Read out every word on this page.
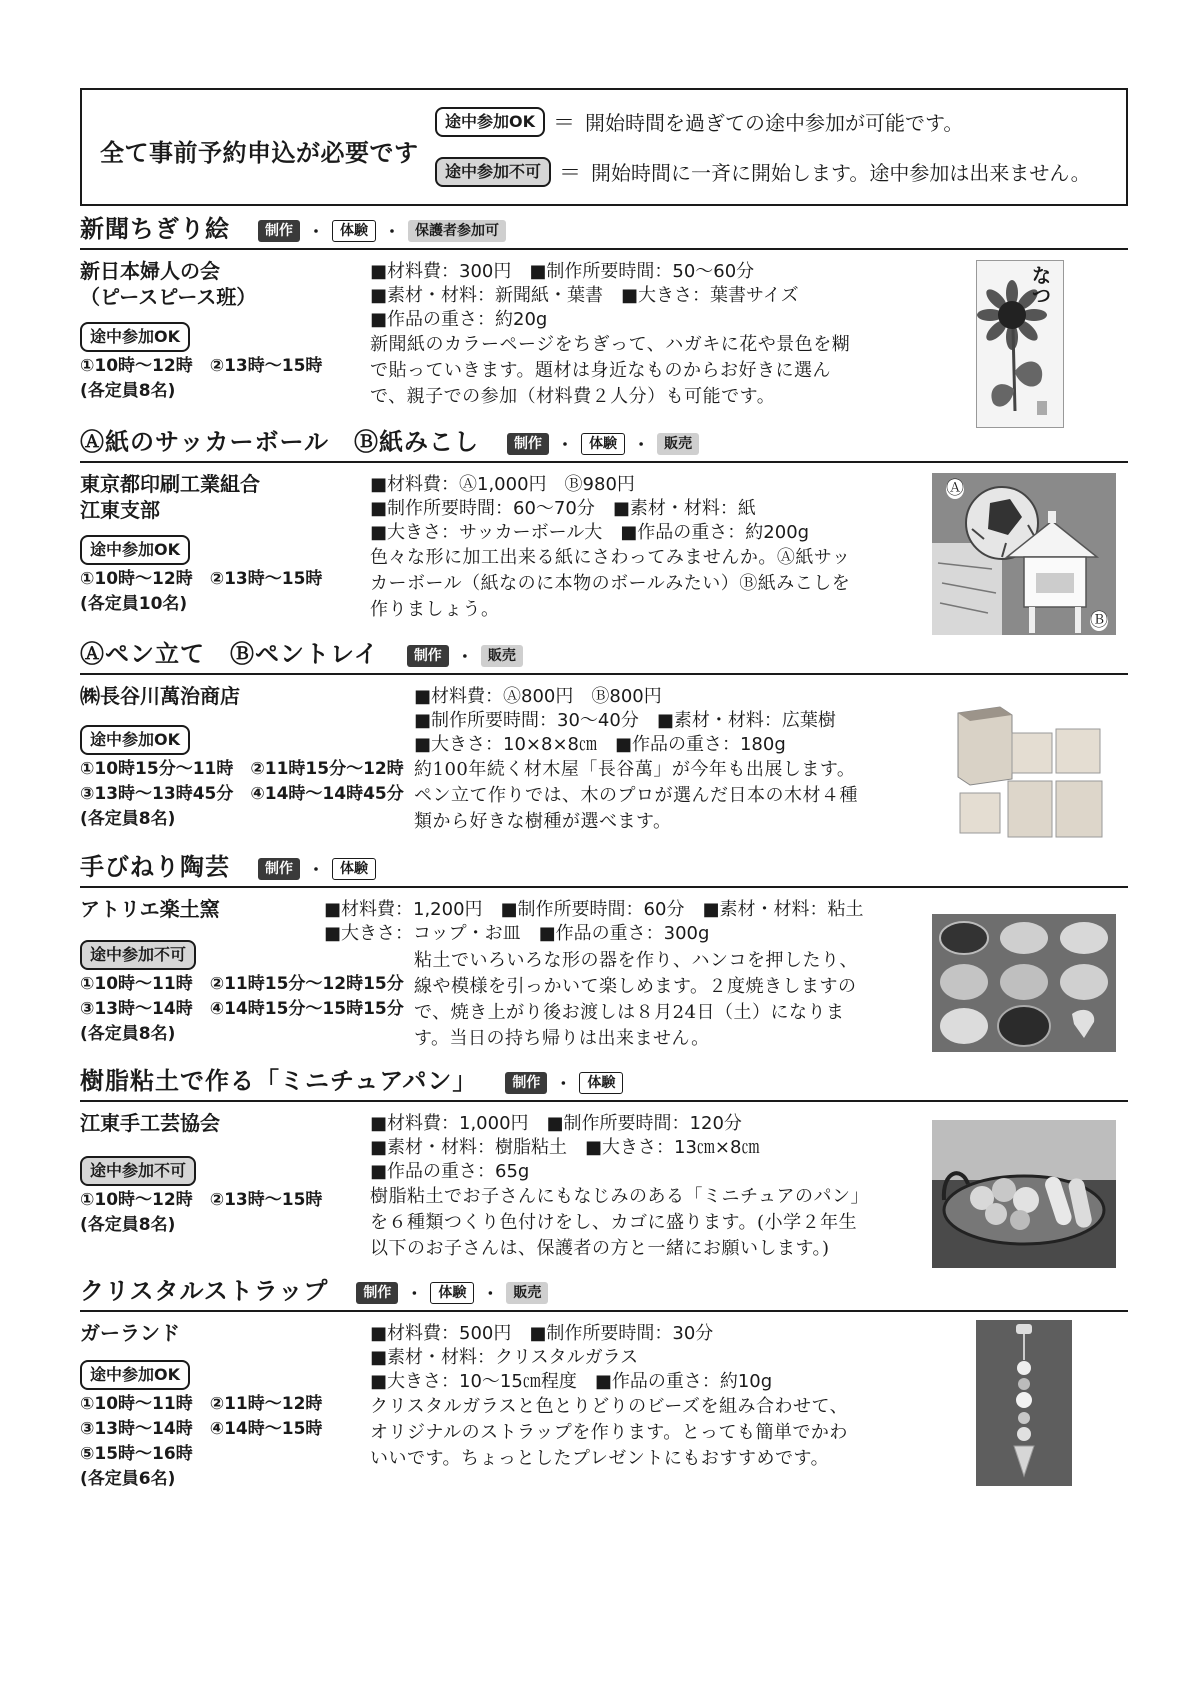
全て事前予約申込が必要です
途中参加OK ＝ 開始時間を過ぎての途中参加が可能です。
途中参加不可 ＝ 開始時間に一斉に開始します。途中参加は出来ません。
新聞ちぎり絵	制作 ・	体験	・	保護者参加可
新日本婦人の会
（ピースピース班）
途中参加OK
①10時～12時　②13時～15時
(各定員8名)
■材料費：300円　■制作所要時間：50～60分
■素材・材料：新聞紙・葉書　■大きさ：葉書サイズ
■作品の重さ：約20g
新聞紙のカラーページをちぎって、ハガキに花や景色を糊で貼っていきます。題材は身近なものからお好きに選んで、親子での参加（材料費２人分）も可能です。
なつ
Ⓐ紙のサッカーボール　Ⓑ紙みこし	制作 ・	体験	・	販売
東京都印刷工業組合
江東支部
途中参加OK
①10時～12時　②13時～15時
(各定員10名)
■材料費：Ⓐ1,000円　Ⓑ980円
■制作所要時間：60～70分　■素材・材料：紙
■大きさ：サッカーボール大　■作品の重さ：約200g
色々な形に加工出来る紙にさわってみませんか。Ⓐ紙サッカーボール（紙なのに本物のボールみたい）Ⓑ紙みこしを作りましょう。
Ⓐ
Ⓑ
Ⓐペン立て　Ⓑペントレイ	制作 ・	販売
㈱長谷川萬治商店
途中参加OK
①10時15分～11時　②11時15分～12時
③13時～13時45分　④14時～14時45分
(各定員8名)
■材料費：Ⓐ800円　Ⓑ800円
■制作所要時間：30～40分　■素材・材料：広葉樹
■大きさ：10×8×8㎝　■作品の重さ：180g
約100年続く材木屋「長谷萬」が今年も出展します。ペン立て作りでは、木のプロが選んだ日本の木材４種類から好きな樹種が選べます。
手びねり陶芸	制作 ・	体験
アトリエ楽土窯
途中参加不可
①10時～11時　②11時15分～12時15分
③13時～14時　④14時15分～15時15分
(各定員8名)
■材料費：1,200円　■制作所要時間：60分　■素材・材料：粘土
■大きさ：コップ・お皿　■作品の重さ：300g
粘土でいろいろな形の器を作り、ハンコを押したり、線や模様を引っかいて楽しめます。２度焼きしますので、焼き上がり後お渡しは８月24日（土）になります。当日の持ち帰りは出来ません。
樹脂粘土で作る「ミニチュアパン」	制作 ・	体験
江東手工芸協会
途中参加不可
①10時～12時　②13時～15時
(各定員8名)
■材料費：1,000円　■制作所要時間：120分
■素材・材料：樹脂粘土　■大きさ：13㎝×8㎝
■作品の重さ：65g
樹脂粘土でお子さんにもなじみのある「ミニチュアのパン」を６種類つくり色付けをし、カゴに盛ります。(小学２年生以下のお子さんは、保護者の方と一緒にお願いします。)
クリスタルストラップ	制作 ・	体験	・	販売
ガーランド
途中参加OK
①10時～11時　②11時～12時
③13時～14時　④14時～15時
⑤15時～16時
(各定員6名)
■材料費：500円　■制作所要時間：30分
■素材・材料：クリスタルガラス
■大きさ：10～15㎝程度　■作品の重さ：約10g
クリスタルガラスと色とりどりのビーズを組み合わせて、オリジナルのストラップを作ります。とっても簡単でかわいいです。ちょっとしたプレゼントにもおすすめです。
